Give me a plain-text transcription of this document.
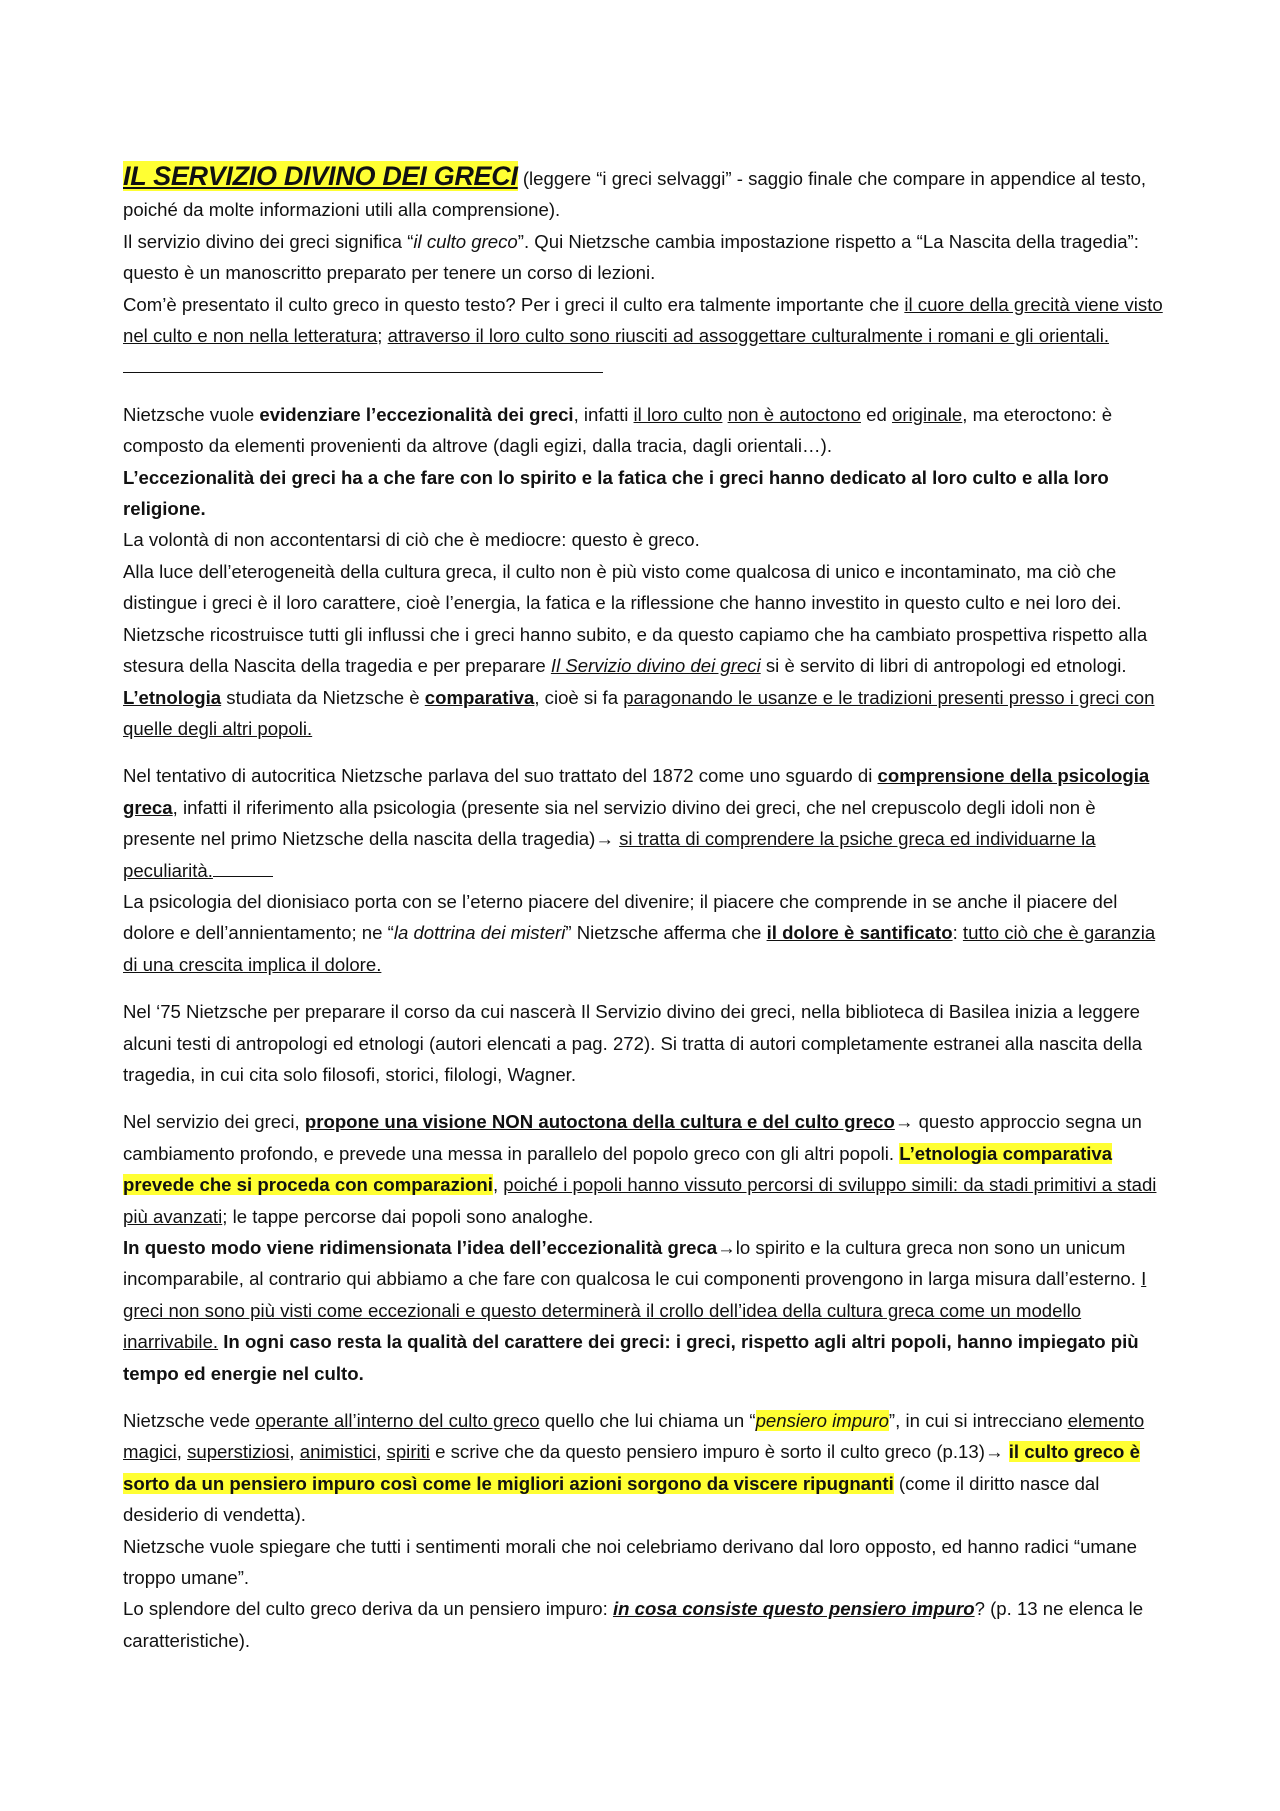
IL SERVIZIO DIVINO DEI GRECI (leggere “i greci selvaggi” - saggio finale che compare in appendice al testo, poiché da molte informazioni utili alla comprensione).
Il servizio divino dei greci significa “il culto greco”. Qui Nietzsche cambia impostazione rispetto a “La Nascita della tragedia”: questo è un manoscritto preparato per tenere un corso di lezioni.
Com’è presentato il culto greco in questo testo? Per i greci il culto era talmente importante che il cuore della grecità viene visto nel culto e non nella letteratura; attraverso il loro culto sono riusciti ad assoggettare culturalmente i romani e gli orientali.

Nietzsche vuole evidenziare l’eccezionalità dei greci, infatti il loro culto non è autoctono ed originale, ma eteroctono: è composto da elementi provenienti da altrove (dagli egizi, dalla tracia, dagli orientali…).
L’eccezionalità dei greci ha a che fare con lo spirito e la fatica che i greci hanno dedicato al loro culto e alla loro religione.
La volontà di non accontentarsi di ciò che è mediocre: questo è greco.
Alla luce dell’eterogeneità della cultura greca, il culto non è più visto come qualcosa di unico e incontaminato, ma ciò che distingue i greci è il loro carattere, cioè l’energia, la fatica e la riflessione che hanno investito in questo culto e nei loro dei. Nietzsche ricostruisce tutti gli influssi che i greci hanno subito, e da questo capiamo che ha cambiato prospettiva rispetto alla stesura della Nascita della tragedia e per preparare Il Servizio divino dei greci si è servito di libri di antropologi ed etnologi. L’etnologia studiata da Nietzsche è comparativa, cioè si fa paragonando le usanze e le tradizioni presenti presso i greci con quelle degli altri popoli.

Nel tentativo di autocritica Nietzsche parlava del suo trattato del 1872 come uno sguardo di comprensione della psicologia greca, infatti il riferimento alla psicologia (presente sia nel servizio divino dei greci, che nel crepuscolo degli idoli non è presente nel primo Nietzsche della nascita della tragedia)→ si tratta di comprendere la psiche greca ed individuarne la peculiarità.
La psicologia del dionisiaco porta con se l’eterno piacere del divenire; il piacere che comprende in se anche il piacere del dolore e dell’annientamento; ne “la dottrina dei misteri” Nietzsche afferma che il dolore è santificato: tutto ciò che è garanzia di una crescita implica il dolore.

Nel ‘75 Nietzsche per preparare il corso da cui nascerà Il Servizio divino dei greci, nella biblioteca di Basilea inizia a leggere alcuni testi di antropologi ed etnologi (autori elencati a pag. 272). Si tratta di autori completamente estranei alla nascita della tragedia, in cui cita solo filosofi, storici, filologi, Wagner.

Nel servizio dei greci, propone una visione NON autoctona della cultura e del culto greco→ questo approccio segna un cambiamento profondo, e prevede una messa in parallelo del popolo greco con gli altri popoli. L’etnologia comparativa prevede che si proceda con comparazioni, poiché i popoli hanno vissuto percorsi di sviluppo simili: da stadi primitivi a stadi più avanzati; le tappe percorse dai popoli sono analoghe.
In questo modo viene ridimensionata l’idea dell’eccezionalità greca→lo spirito e la cultura greca non sono un unicum incomparabile, al contrario qui abbiamo a che fare con qualcosa le cui componenti provengono in larga misura dall’esterno. I greci non sono più visti come eccezionali e questo determinerà il crollo dell’idea della cultura greca come un modello inarrivabile. In ogni caso resta la qualità del carattere dei greci: i greci, rispetto agli altri popoli, hanno impiegato più tempo ed energie nel culto.

Nietzsche vede operante all’interno del culto greco quello che lui chiama un “pensiero impuro”, in cui si intrecciano elemento magici, superstiziosi, animistici, spiriti e scrive che da questo pensiero impuro è sorto il culto greco (p.13)→ il culto greco è sorto da un pensiero impuro così come le migliori azioni sorgono da viscere ripugnanti (come il diritto nasce dal desiderio di vendetta).
Nietzsche vuole spiegare che tutti i sentimenti morali che noi celebriamo derivano dal loro opposto, ed hanno radici “umane troppo umane”.
Lo splendore del culto greco deriva da un pensiero impuro: in cosa consiste questo pensiero impuro? (p. 13 ne elenca le caratteristiche).
